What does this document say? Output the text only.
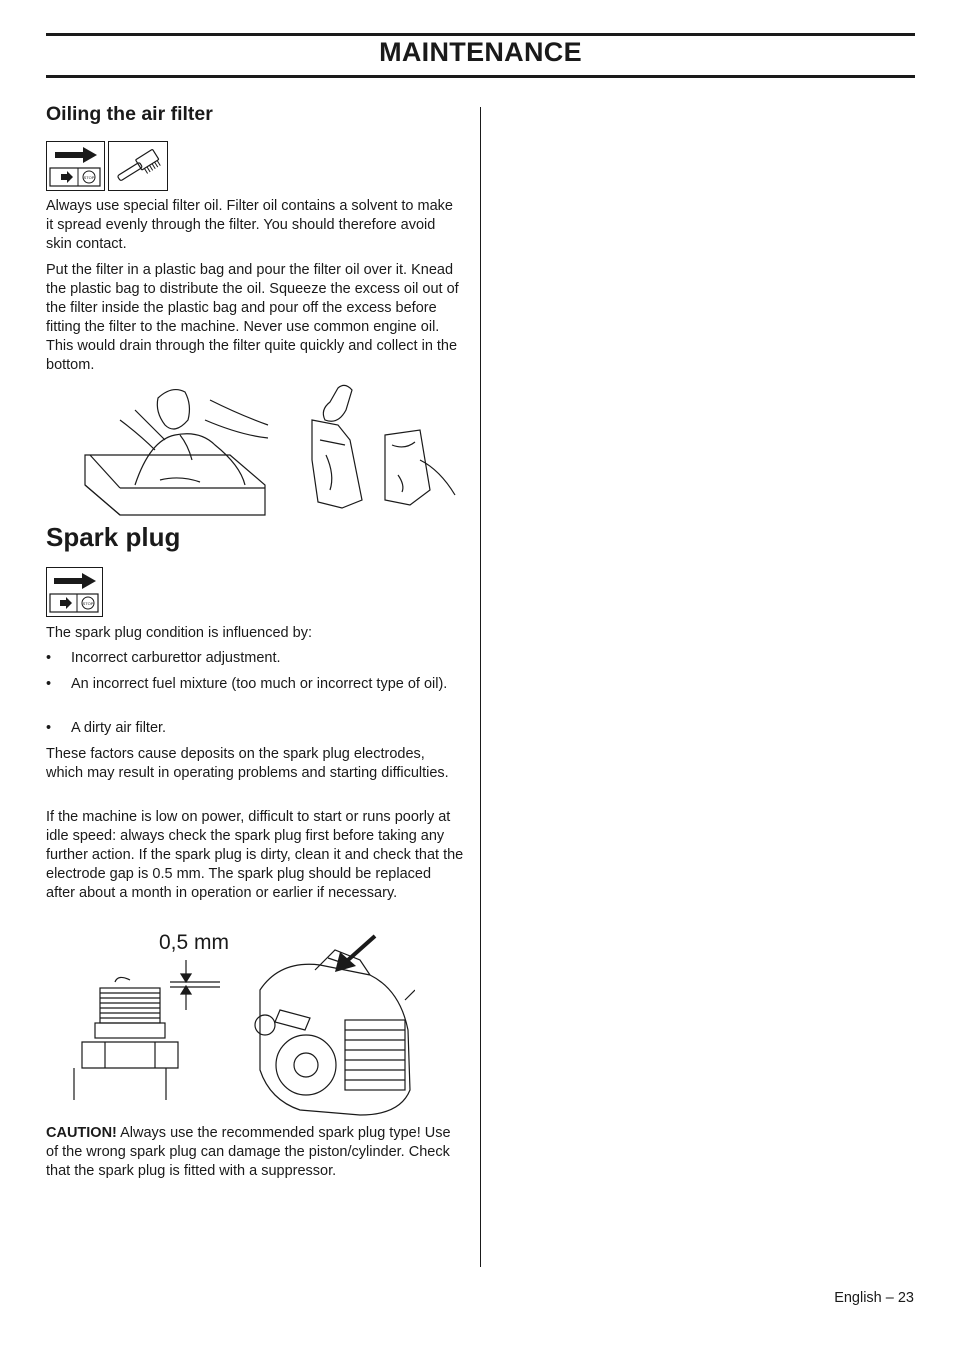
MAINTENANCE
Oiling the air filter
STOP

Always use special filter oil. Filter oil contains a solvent to make it spread evenly through the filter. You should therefore avoid skin contact.

Put the filter in a plastic bag and pour the filter oil over it. Knead the plastic bag to distribute the oil. Squeeze the excess oil out of the filter inside the plastic bag and pour off the excess before fitting the filter to the machine. Never use common engine oil. This would drain through the filter quite quickly and collect in the bottom.

Spark plug
STOP

The spark plug condition is influenced by:

• Incorrect carburettor adjustment.
• An incorrect fuel mixture (too much or incorrect type of oil).
• A dirty air filter.

These factors cause deposits on the spark plug electrodes, which may result in operating problems and starting difficulties.

If the machine is low on power, difficult to start or runs poorly at idle speed: always check the spark plug first before taking any further action. If the spark plug is dirty, clean it and check that the electrode gap is 0.5 mm. The spark plug should be replaced after about a month in operation or earlier if necessary.

0,5 mm

CAUTION! Always use the recommended spark plug type! Use of the wrong spark plug can damage the piston/cylinder. Check that the spark plug is fitted with a suppressor.

English – 23
